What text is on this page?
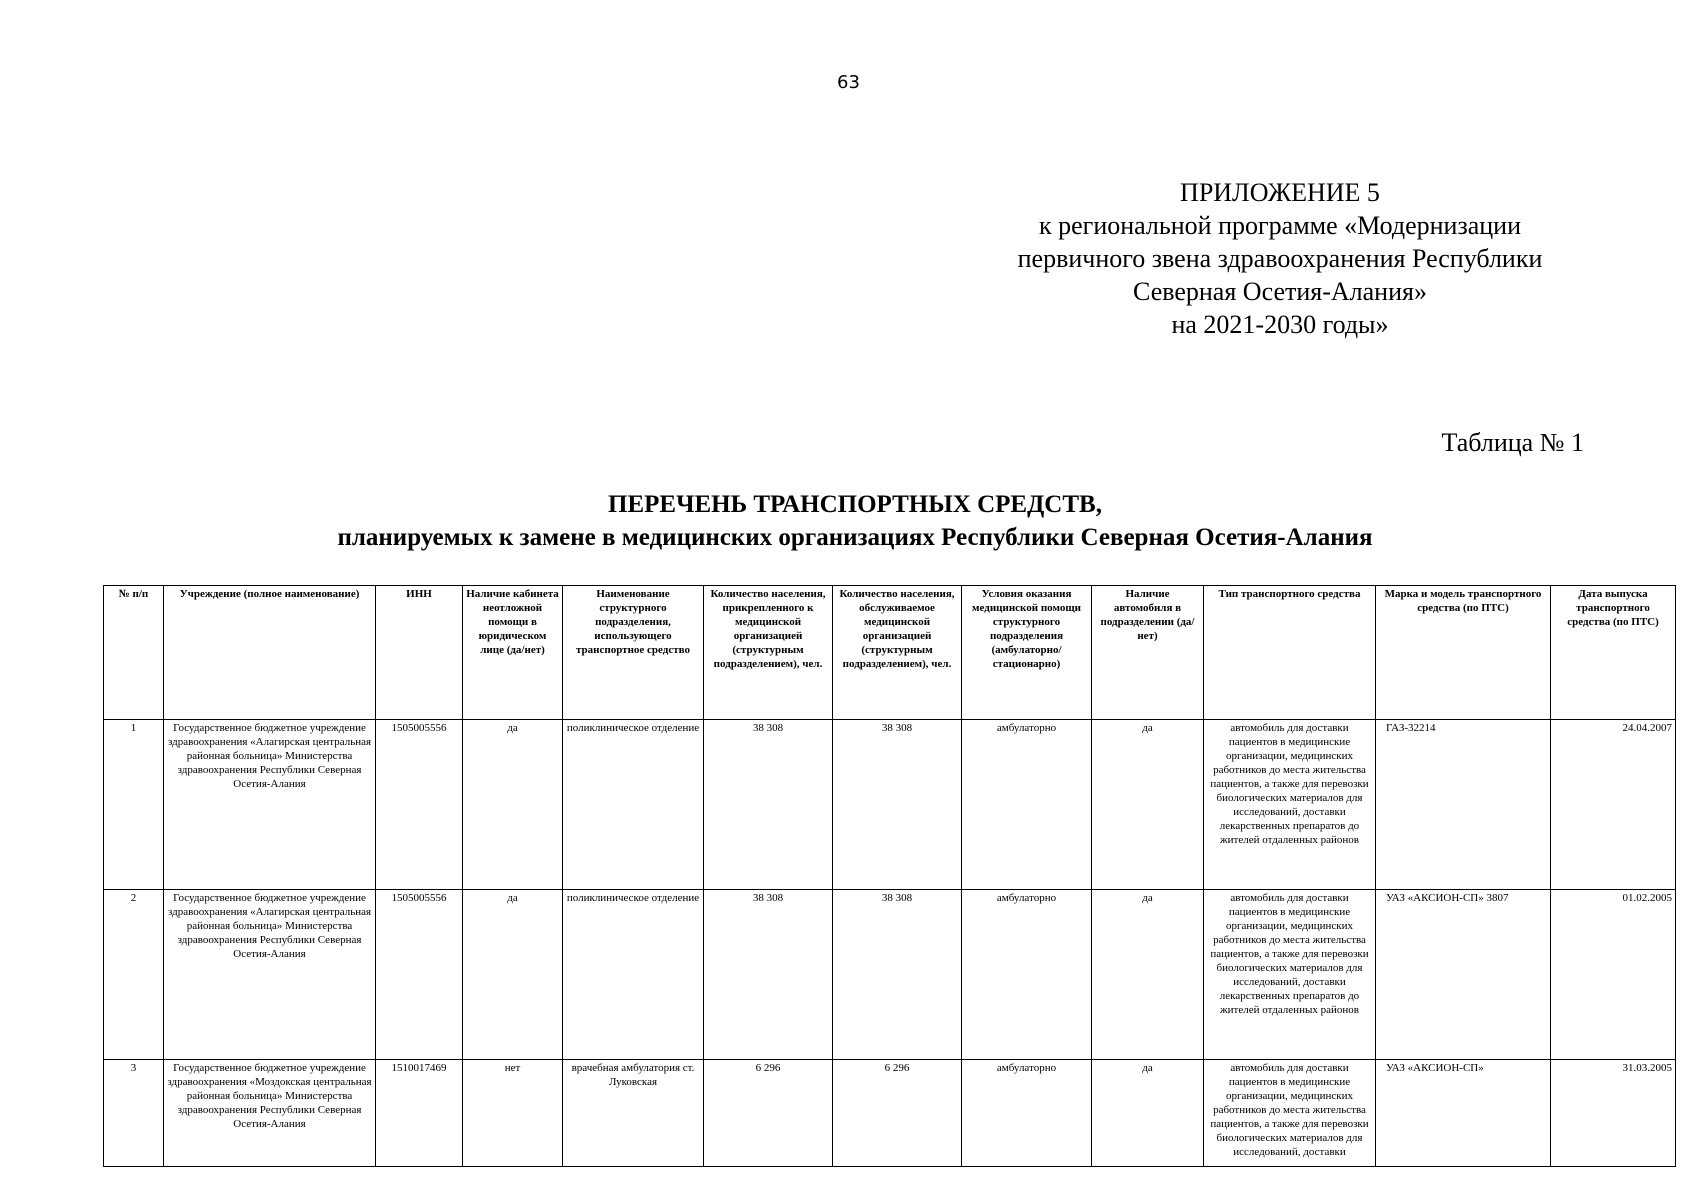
63
ПРИЛОЖЕНИЕ 5
к региональной программе «Модернизации
первичного звена здравоохранения Республики
Северная Осетия-Алания»
на 2021-2030 годы»
Таблица № 1
ПЕРЕЧЕНЬ ТРАНСПОРТНЫХ СРЕДСТВ,
планируемых к замене в медицинских организациях Республики Северная Осетия-Алания
№ п/п	Учреждение (полное наименование)	ИНН	Наличие кабинета неотложной помощи в юридическом лице (да/нет)	Наименование структурного подразделения, использующего транспортное средство	Количество населения, прикрепленного к медицинской организацией (структурным подразделением), чел.	Количество населения, обслуживаемое медицинской организацией (структурным подразделением), чел.	Условия оказания медицинской помощи структурного подразделения (амбулаторно/стационарно)	Наличие автомобиля в подразделении (да/нет)	Тип транспортного средства	Марка и модель транспортного средства (по ПТС)	Дата выпуска транспортного средства (по ПТС)
1	Государственное бюджетное учреждение здравоохранения «Алагирская центральная районная больница» Министерства здравоохранения Республики Северная Осетия-Алания	1505005556	да	поликлиническое отделение	38 308	38 308	амбулаторно	да	автомобиль для доставки пациентов в медицинские организации, медицинских работников до места жительства пациентов, а также для перевозки биологических материалов для исследований, доставки лекарственных препаратов до жителей отдаленных районов	ГАЗ-32214	24.04.2007
2	Государственное бюджетное учреждение здравоохранения «Алагирская центральная районная больница» Министерства здравоохранения Республики Северная Осетия-Алания	1505005556	да	поликлиническое отделение	38 308	38 308	амбулаторно	да	автомобиль для доставки пациентов в медицинские организации, медицинских работников до места жительства пациентов, а также для перевозки биологических материалов для исследований, доставки лекарственных препаратов до жителей отдаленных районов	УАЗ «АКСИОН-СП» 3807	01.02.2005
3	Государственное бюджетное учреждение здравоохранения «Моздокская центральная районная больница» Министерства здравоохранения Республики Северная Осетия-Алания	1510017469	нет	врачебная амбулатория ст. Луковская	6 296	6 296	амбулаторно	да	автомобиль для доставки пациентов в медицинские организации, медицинских работников до места жительства пациентов, а также для перевозки биологических материалов для исследований, доставки	УАЗ «АКСИОН-СП»	31.03.2005
